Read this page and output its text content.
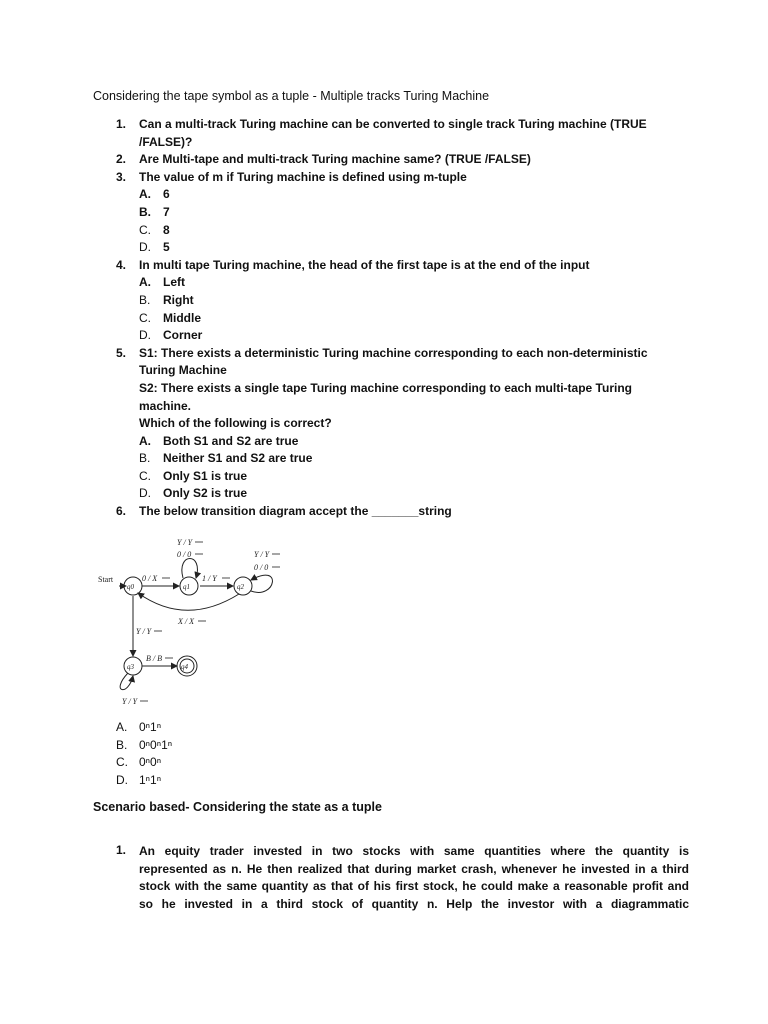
Considering the tape symbol as a tuple - Multiple tracks Turing Machine
1.	Can a multi-track Turing machine can be converted to single track Turing machine (TRUE
/FALSE)?
2.	Are Multi-tape and multi-track Turing machine same? (TRUE /FALSE)
3.	The value of m if Turing machine is defined using m-tuple
A.	6
B.	7
C.	8
D.	5
4.	In multi tape Turing machine, the head of the first tape is at the end of the input
A.	Left
B.	Right
C.	Middle
D.	Corner
5.	S1: There exists a deterministic Turing machine corresponding to each non-deterministic
Turing Machine
S2: There exists a single tape Turing machine corresponding to each multi-tape Turing
machine.
Which of the following is correct?
A.	Both S1 and S2 are true
B.	Neither S1 and S2 are true
C.	Only S1 is true
D.	Only S2 is true
6.	The below transition diagram accept the _______string
Start
q0	q1	q2
q3	q4
0 / X
Y / Y
0 / 0
1 / Y
Y / Y
0 / 0
X / X
Y / Y
B / B
Y / Y
A. 0ⁿ1ⁿ
B. 0ⁿ0ⁿ1ⁿ
C. 0ⁿ0ⁿ
D. 1ⁿ1ⁿ
Scenario based- Considering the state as a tuple
1. An equity trader invested in two stocks with same quantities where the quantity is
represented as n. He then realized that during market crash, whenever he invested in a third
stock with the same quantity as that of his first stock, he could make a reasonable profit and
so he invested in a third stock of quantity n. Help the investor with a diagrammatic
